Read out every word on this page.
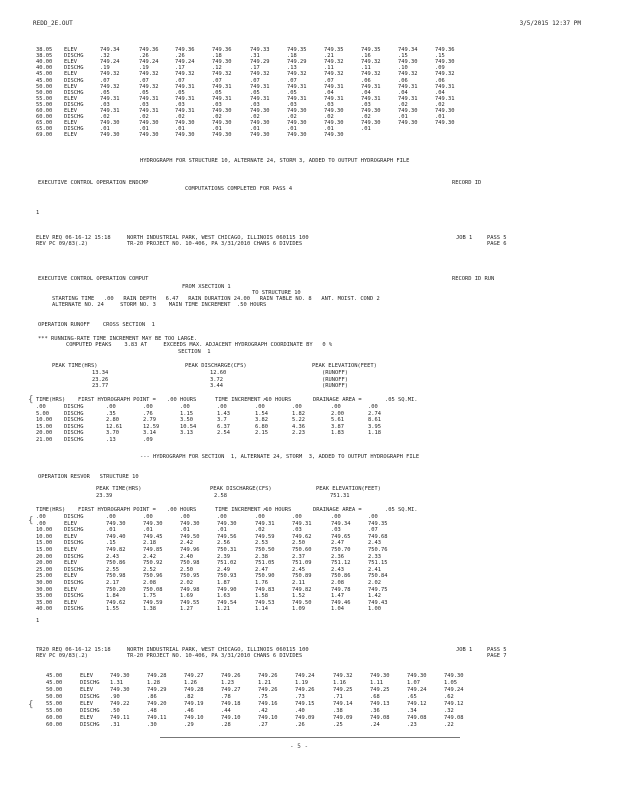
REDD_2E.OUT	3/5/2015 12:37 PM
38.05 ELEV	749.34	749.36	749.36	749.36	749.33	749.35	749.35	749.35	749.34	749.36
38.05 DISCHG	.32	.26	.26	.18	.31	.18	.21	.16	.15	.15
40.00 ELEV	749.24	749.24	749.24	749.30	749.29	749.29	749.32	749.32	749.30	749.30
40.00 DISCHG	.19	.19	.17	.12	.17	.13	.11	.11	.10	.09
45.00 ELEV	749.32	749.32	749.32	749.32	749.32	749.32	749.32	749.32	749.32	749.32
45.00 DISCHG	.07	.07	.07	.07	.07	.07	.07	.06	.06	.06
50.00 ELEV	749.32	749.32	749.31	749.31	749.31	749.31	749.31	749.31	749.31	749.31
50.00 DISCHG	.05	.05	.05	.05	.05	.05	.04	.04	.04	.04
55.00 ELEV	749.31	749.31	749.31	749.31	749.31	749.31	749.31	749.31	749.31	749.31
55.00 DISCHG	.03	.03	.03	.03	.03	.03	.03	.03	.02	.02
60.00 ELEV	749.31	749.31	749.31	749.30	749.30	749.30	749.30	749.30	749.30	749.30
60.00 DISCHG	.02	.02	.02	.02	.02	.02	.02	.02	.01	.01
65.00 ELEV	749.30	749.30	749.30	749.30	749.30	749.30	749.30	749.30	749.30	749.30
65.00 DISCHG	.01	.01	.01	.01	.01	.01	.01	.01
69.00 ELEV	749.30	749.30	749.30	749.30	749.30	749.30	749.30
HYDROGRAPH FOR STRUCTURE 10, ALTERNATE 24, STORM 3, ADDED TO OUTPUT HYDROGRAPH FILE
EXECUTIVE CONTROL OPERATION ENDCMP	RECORD ID
COMPUTATIONS COMPLETED FOR PASS 4
1
ELEV REQ 06-16-12 15:18     NORTH INDUSTRIAL PARK, WEST CHICAGO, ILLINOIS 060115 100
REV PC 09/83(.2)            TR-20 PROJECT NO. 10-406, PA 3/31/2010 CHANS 6 DIVIDES
JOB 1	PASS 5
PAGE 6
EXECUTIVE CONTROL OPERATION COMPUT	RECORD ID RUN
FROM XSECTION 1
TO STRUCTURE 10
STARTING TIME   .00   RAIN DEPTH   6.47   RAIN DURATION 24.00   RAIN TABLE NO. 8   ANT. MOIST. COND 2
ALTERNATE NO. 24     STORM NO. 3    MAIN TIME INCREMENT  .50 HOURS
OPERATION RUNOFF    CROSS SECTION  1
*** RUNNING-RATE TIME INCREMENT MAY BE TOO LARGE.
COMPUTED PEAKS    3.83 AT     EXCEEDS MAX. ADJACENT HYDROGRAPH COORDINATE BY   0 %
SECTION  1
PEAK TIME(HRS)	PEAK DISCHARGE(CFS)	PEAK ELEVATION(FEET)
13.34	12.60	(RUNOFF)
23.26	3.72	(RUNOFF)
23.77	3.44	(RUNOFF)
{ TIME(HRS) FIRST HYDROGRAPH POINT = .00 HOURS	TIME INCREMENT =
.10 HOURS	DRAINAGE AREA =	.05 SQ.MI.
.00	DISCHG	.00	.00	.00	.00	.00	.00	.00	.00
5.00	DISCHG	.35	.76	1.15	1.43	1.54	1.82	2.00	2.74
10.00 DISCHG	2.80	2.79	3.50	3.7	3.82	5.22	5.61	8.61
15.00 DISCHG	12.61	12.59	10.54	6.37	6.80	4.36	3.87	3.95
20.00 DISCHG	3.70	3.14	3.13	2.54	2.15	2.23	1.83	1.18
21.00 DISCHG	.13	.09
--- HYDROGRAPH FOR SECTION  1, ALTERNATE 24, STORM  3, ADDED TO OUTPUT HYDROGRAPH FILE
OPERATION RESVOR   STRUCTURE 10
PEAK TIME(HRS)	PEAK DISCHARGE(CFS)	PEAK ELEVATION(FEET)
23.39	2.58	751.31
{
TIME(HRS) FIRST HYDROGRAPH POINT = .00 HOURS	TIME INCREMENT =
.10 HOURS	DRAINAGE AREA =	.05 SQ.MI.
.00	DISCHG	.00	.00	.00	.00	.00	.00	.00	.00
.00	ELEV	749.30	749.30	749.30	749.30	749.31	749.31	749.34	749.35
10.00 DISCHG	.01	.01	.01	.01	.02	.03	.03	.07
10.00 ELEV	749.40	749.45	749.50	749.56	749.59	749.62	749.65	749.68
15.00 DISCHG	.15	2.18	2.42	2.56	2.53	2.50	2.47	2.43
15.00 ELEV	749.82	749.85	749.96	750.31	750.50	750.60	750.70	750.76
20.00 DISCHG	2.43	2.42	2.40	2.39	2.38	2.37	2.36	2.33
20.00 ELEV	750.86	750.92	750.98	751.02	751.05	751.09	751.12	751.15
25.00 DISCHG	2.55	2.52	2.50	2.49	2.47	2.45	2.43	2.41
25.00 ELEV	750.98	750.96	750.95	750.93	750.90	750.89	750.86	750.84
30.00 DISCHG	2.17	2.08	2.02	1.87	1.76	2.11	2.08	2.02
30.00 ELEV	750.20	750.08	749.98	749.90	749.83	749.82	749.78	749.75
35.00 DISCHG	1.84	1.75	1.69	1.63	1.58	1.52	1.47	1.42
35.00 ELEV	749.62	749.59	749.55	749.54	749.53	749.50	749.46	749.43
40.00 DISCHG	1.55	1.38	1.27	1.21	1.14	1.09	1.04	1.00
1
TR20 REQ 06-16-12 15:18     NORTH INDUSTRIAL PARK, WEST CHICAGO, ILLINOIS 060115 100
REV PC 09/83(.2)            TR-20 PROJECT NO. 10-406, PA 3/31/2010 CHANS 6 DIVIDES
JOB 1	PASS 5
PAGE 7
{
45.00	ELEV	749.30	749.28	749.27	749.26	749.26	749.24	749.32	749.30	749.30	749.30
45.00	DISCHG 1.31	1.28	1.26	1.23	1.21	1.19	1.16	1.11	1.07	1.05
50.00	ELEV	749.30	749.29	749.28	749.27	749.26	749.26	749.25	749.25	749.24	749.24
50.00	DISCHG .90	.86	.82	.78	.75	.73	.71	.68	.65	.62
55.00	ELEV	749.22	749.20	749.19	749.18	749.16	749.15	749.14	749.13	749.12	749.12
55.00	DISCHG .50	.48	.46	.44	.42	.40	.38	.36	.34	.32
60.00	ELEV	749.11	749.11	749.10	749.10	749.10	749.09	749.09	749.08	749.08	749.08
60.00	DISCHG .31	.30	.29	.28	.27	.26	.25	.24	.23	.22
- 5 -
